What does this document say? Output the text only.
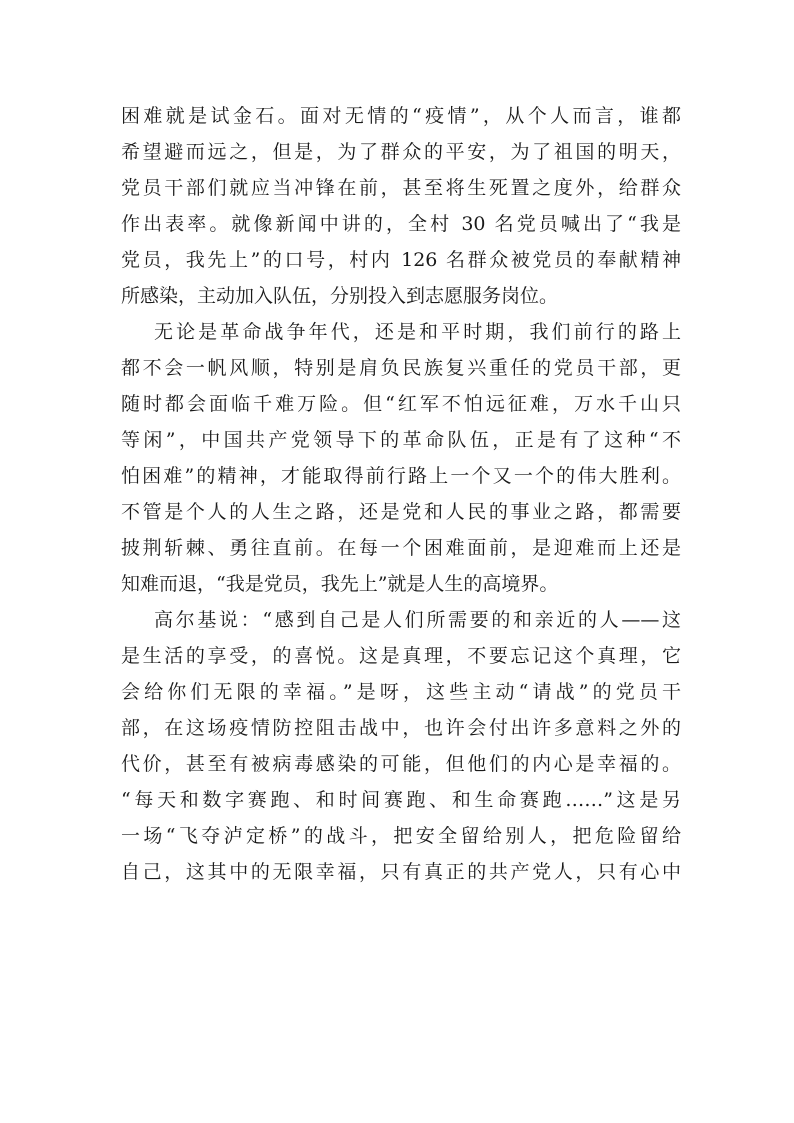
困难就是试金石。面对无情的“疫情”，从个人而言，谁都
希望避而远之，但是，为了群众的平安，为了祖国的明天，
党员干部们就应当冲锋在前，甚至将生死置之度外，给群众
作出表率。就像新闻中讲的，全村 30 名党员喊出了“我是
党员，我先上”的口号，村内 126 名群众被党员的奉献精神
所感染，主动加入队伍，分别投入到志愿服务岗位。
无论是革命战争年代，还是和平时期，我们前行的路上
都不会一帆风顺，特别是肩负民族复兴重任的党员干部，更
随时都会面临千难万险。但“红军不怕远征难，万水千山只
等闲”，中国共产党领导下的革命队伍，正是有了这种“不
怕困难”的精神，才能取得前行路上一个又一个的伟大胜利。
不管是个人的人生之路，还是党和人民的事业之路，都需要
披荆斩棘、勇往直前。在每一个困难面前，是迎难而上还是
知难而退，“我是党员，我先上”就是人生的高境界。
高尔基说：“感到自己是人们所需要的和亲近的人——这
是生活的享受，的喜悦。这是真理，不要忘记这个真理，它
会给你们无限的幸福。”是呀，这些主动“请战”的党员干
部，在这场疫情防控阻击战中，也许会付出许多意料之外的
代价，甚至有被病毒感染的可能，但他们的内心是幸福的。
“每天和数字赛跑、和时间赛跑、和生命赛跑……”这是另
一场“飞夺泸定桥”的战斗，把安全留给别人，把危险留给
自己，这其中的无限幸福，只有真正的共产党人，只有心中
